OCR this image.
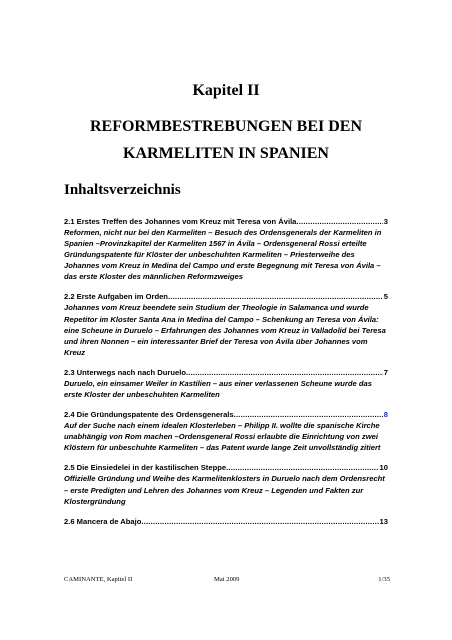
Kapitel II
REFORMBESTREBUNGEN BEI DEN
KARMELITEN IN SPANIEN
Inhaltsverzeichnis
2.1 Erstes Treffen des Johannes vom Kreuz mit Teresa von Ávila .....	3
Reformen, nicht nur bei den Karmeliten – Besuch des Ordensgenerals der Karmeliten in Spanien –Provinzkapitel der Karmeliten 1567 in Ávila – Ordensgeneral Rossi erteilte Gründungspatente für Klöster der unbeschuhten Karmeliten – Priesterweihe des Johannes vom Kreuz in Medina del Campo und erste Begegnung mit Teresa von Ávila – das erste Kloster des männlichen Reformzweiges
2.2 Erste Aufgaben im Orden .....	5
Johannes vom Kreuz beendete sein Studium der Theologie in Salamanca und wurde Repetitor im Kloster Santa Ana in Medina del Campo – Schenkung an Teresa von Ávila: eine Scheune in Duruelo – Erfahrungen des Johannes vom Kreuz in Valladolid bei Teresa und ihren Nonnen – ein interessanter Brief der Teresa von Ávila über Johannes vom Kreuz
2.3 Unterwegs nach nach Duruelo .....	7
Duruelo, ein einsamer Weiler in Kastilien – aus einer verlassenen Scheune wurde das erste Kloster der unbeschuhten Karmeliten
2.4 Die Gründungspatente des Ordensgenerals .....	8
Auf der Suche nach einem idealen Klosterleben – Philipp II. wollte die spanische Kirche unabhängig von Rom machen –Ordensgeneral Rossi erlaubte die Einrichtung von zwei Klöstern für unbeschuhte Karmeliten – das Patent wurde lange Zeit unvollständig zitiert
2.5 Die Einsiedelei in der kastilischen Steppe .....	10
Offizielle Gründung und Weihe des Karmelitenklosters in Duruelo nach dem Ordensrecht – erste Predigten und Lehren des Johannes vom Kreuz – Legenden und Fakten zur Klostergründung
2.6 Mancera de Abajo .....	13
CAMINANTE, Kapitel II	Mai 2009	1/35
